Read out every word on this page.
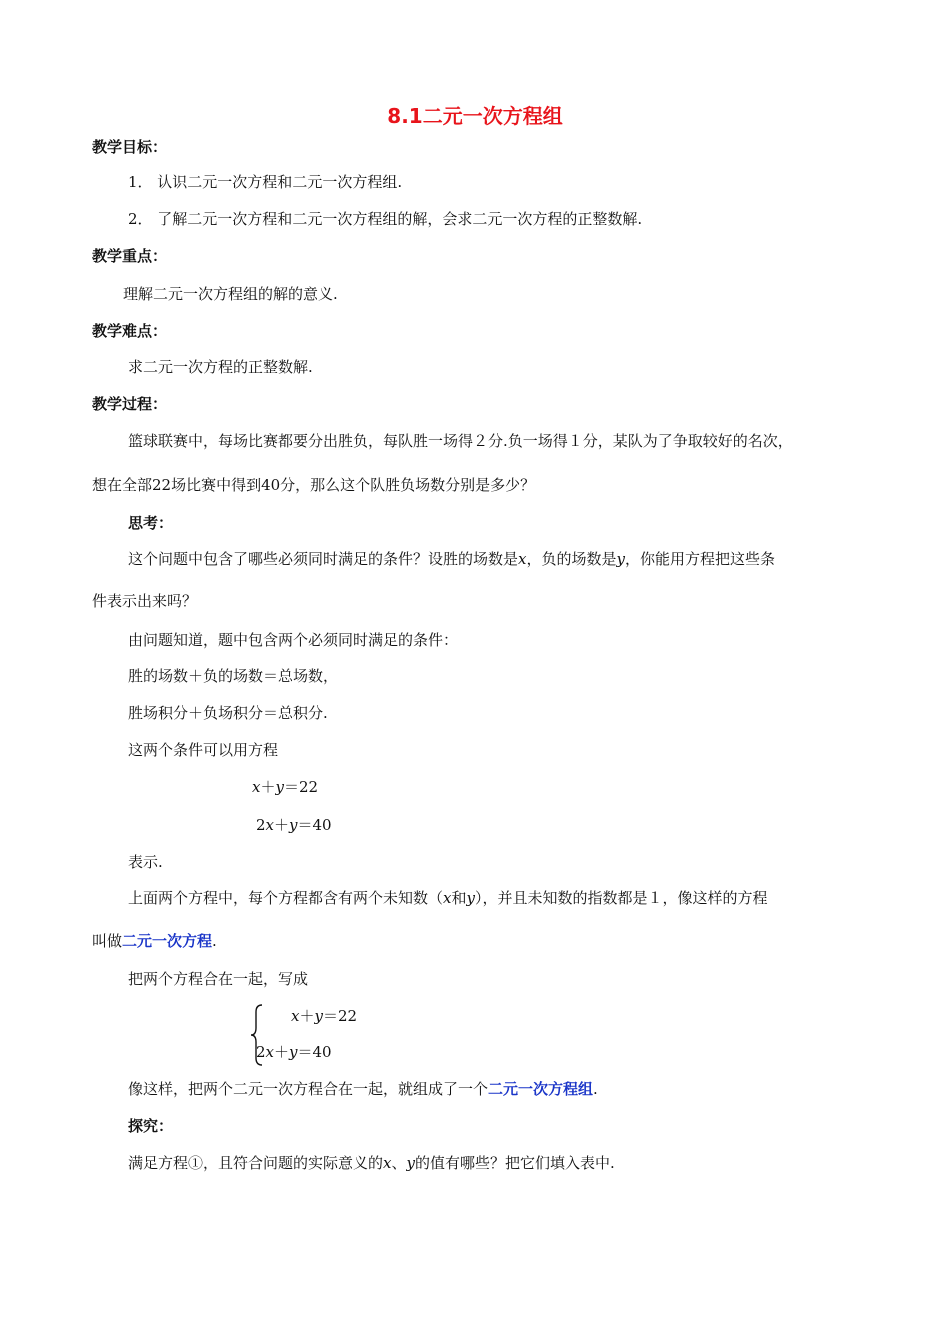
8.1二元一次方程组
教学目标：
1． 认识二元一次方程和二元一次方程组.
2． 了解二元一次方程和二元一次方程组的解，会求二元一次方程的正整数解.
教学重点：
理解二元一次方程组的解的意义.
教学难点：
求二元一次方程的正整数解.
教学过程：
篮球联赛中，每场比赛都要分出胜负，每队胜一场得２分.负一场得１分，某队为了争取较好的名次，
想在全部22场比赛中得到40分，那么这个队胜负场数分别是多少？
思考：
这个问题中包含了哪些必须同时满足的条件？设胜的场数是x，负的场数是y，你能用方程把这些条
件表示出来吗？
由问题知道，题中包含两个必须同时满足的条件：
胜的场数＋负的场数＝总场数，
胜场积分＋负场积分＝总积分.
这两个条件可以用方程
x＋y＝22
2x＋y＝40
表示.
上面两个方程中，每个方程都含有两个未知数（x和y），并且未知数的指数都是１，像这样的方程
叫做二元一次方程.
把两个方程合在一起，写成
x＋y＝22
2x＋y＝40
像这样，把两个二元一次方程合在一起，就组成了一个二元一次方程组.
探究：
满足方程①，且符合问题的实际意义的x、y的值有哪些？把它们填入表中.
